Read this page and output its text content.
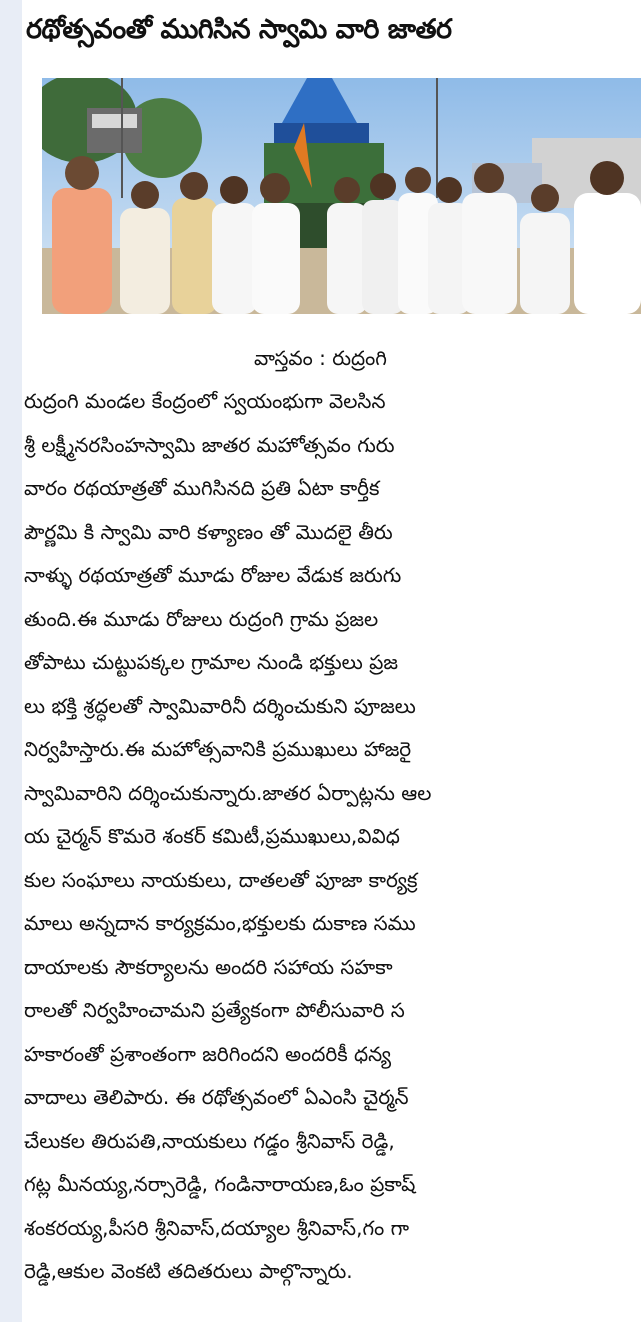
రథోత్సవంతో ముగిసిన స్వామి వారి జాతర
వాస్తవం : రుద్రంగి
రుద్రంగి మండల కేంద్రంలో స్వయంభుగా వెలసిన
శ్రీ లక్ష్మీనరసింహస్వామి జాతర మహోత్సవం గురు
వారం రథయాత్రతో ముగిసినది ప్రతి ఏటా కార్తీక
పౌర్ణమి కి స్వామి వారి కళ్యాణం తో మొదలై తీరు
నాళ్ళు రథయాత్రతో మూడు రోజుల వేడుక జరుగు
తుంది.ఈ మూడు రోజులు రుద్రంగి గ్రామ ప్రజల
తోపాటు చుట్టుపక్కల గ్రామాల నుండి భక్తులు ప్రజ
లు భక్తి శ్రద్ధలతో స్వామివారినీ దర్శించుకుని పూజలు
నిర్వహిస్తారు.ఈ మహోత్సవానికి ప్రముఖులు హాజరై
స్వామివారిని దర్శించుకున్నారు.జాతర ఏర్పాట్లను ఆల
య చైర్మన్ కొమరె శంకర్ కమిటీ,ప్రముఖులు,వివిధ
కుల సంఘాలు నాయకులు, దాతలతో పూజా కార్యక్ర
మాలు అన్నదాన కార్యక్రమం,భక్తులకు దుకాణ సము
దాయాలకు సౌకర్యాలను అందరి సహాయ సహకా
రాలతో నిర్వహించామని ప్రత్యేకంగా పోలీసువారి స
హకారంతో ప్రశాంతంగా జరిగిందని అందరికీ ధన్య
వాదాలు తెలిపారు. ఈ రథోత్సవంలో ఏఎంసి చైర్మన్
చేలుకల తిరుపతి,నాయకులు గడ్డం శ్రీనివాస్ రెడ్డి,
గట్ల మీనయ్య,నర్సారెడ్డి, గండినారాయణ,ఓం ప్రకాష్
శంకరయ్య,పీసరి శ్రీనివాస్,దయ్యాల శ్రీనివాస్,గం గా
రెడ్డి,ఆకుల వెంకటి తదితరులు పాల్గొన్నారు.
